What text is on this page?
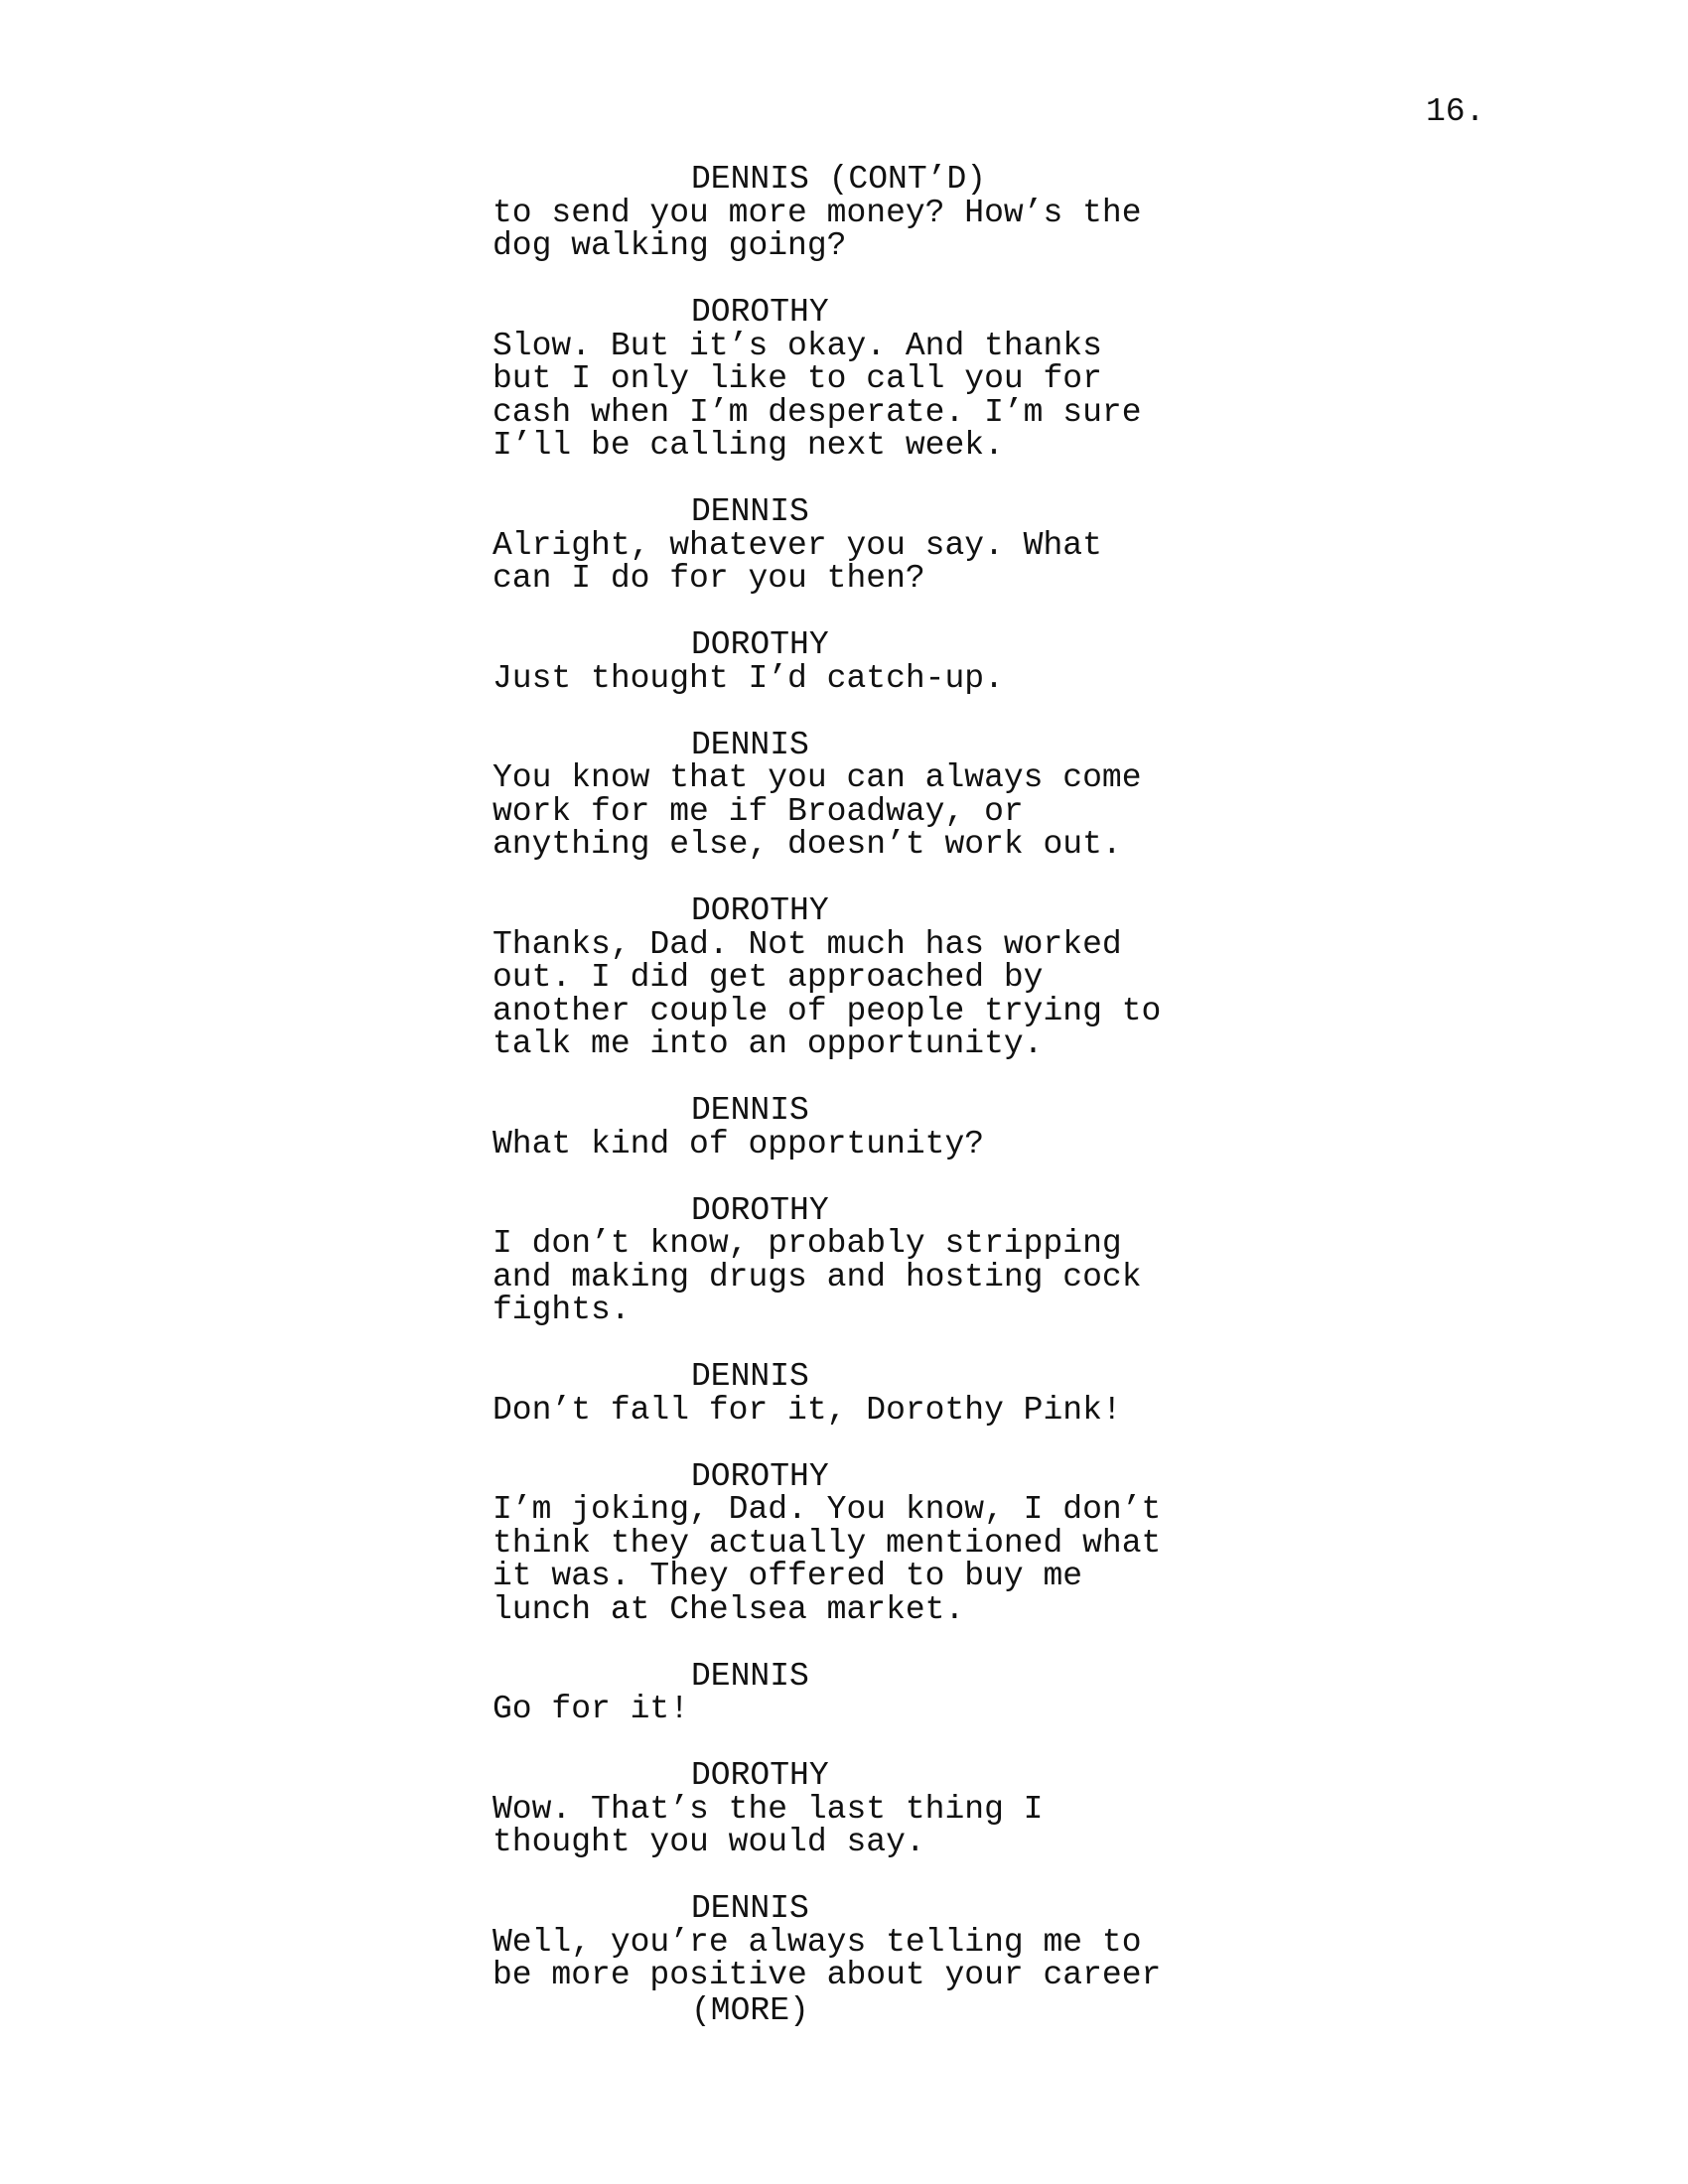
16.
DENNIS (CONT’D)
to send you more money? How’s the
dog walking going?
DOROTHY
Slow. But it’s okay. And thanks
but I only like to call you for
cash when I’m desperate. I’m sure
I’ll be calling next week.
DENNIS
Alright, whatever you say. What
can I do for you then?
DOROTHY
Just thought I’d catch-up.
DENNIS
You know that you can always come
work for me if Broadway, or
anything else, doesn’t work out.
DOROTHY
Thanks, Dad. Not much has worked
out. I did get approached by
another couple of people trying to
talk me into an opportunity.
DENNIS
What kind of opportunity?
DOROTHY
I don’t know, probably stripping
and making drugs and hosting cock
fights.
DENNIS
Don’t fall for it, Dorothy Pink!
DOROTHY
I’m joking, Dad. You know, I don’t
think they actually mentioned what
it was. They offered to buy me
lunch at Chelsea market.
DENNIS
Go for it!
DOROTHY
Wow. That’s the last thing I
thought you would say.
DENNIS
Well, you’re always telling me to
be more positive about your career
(MORE)
